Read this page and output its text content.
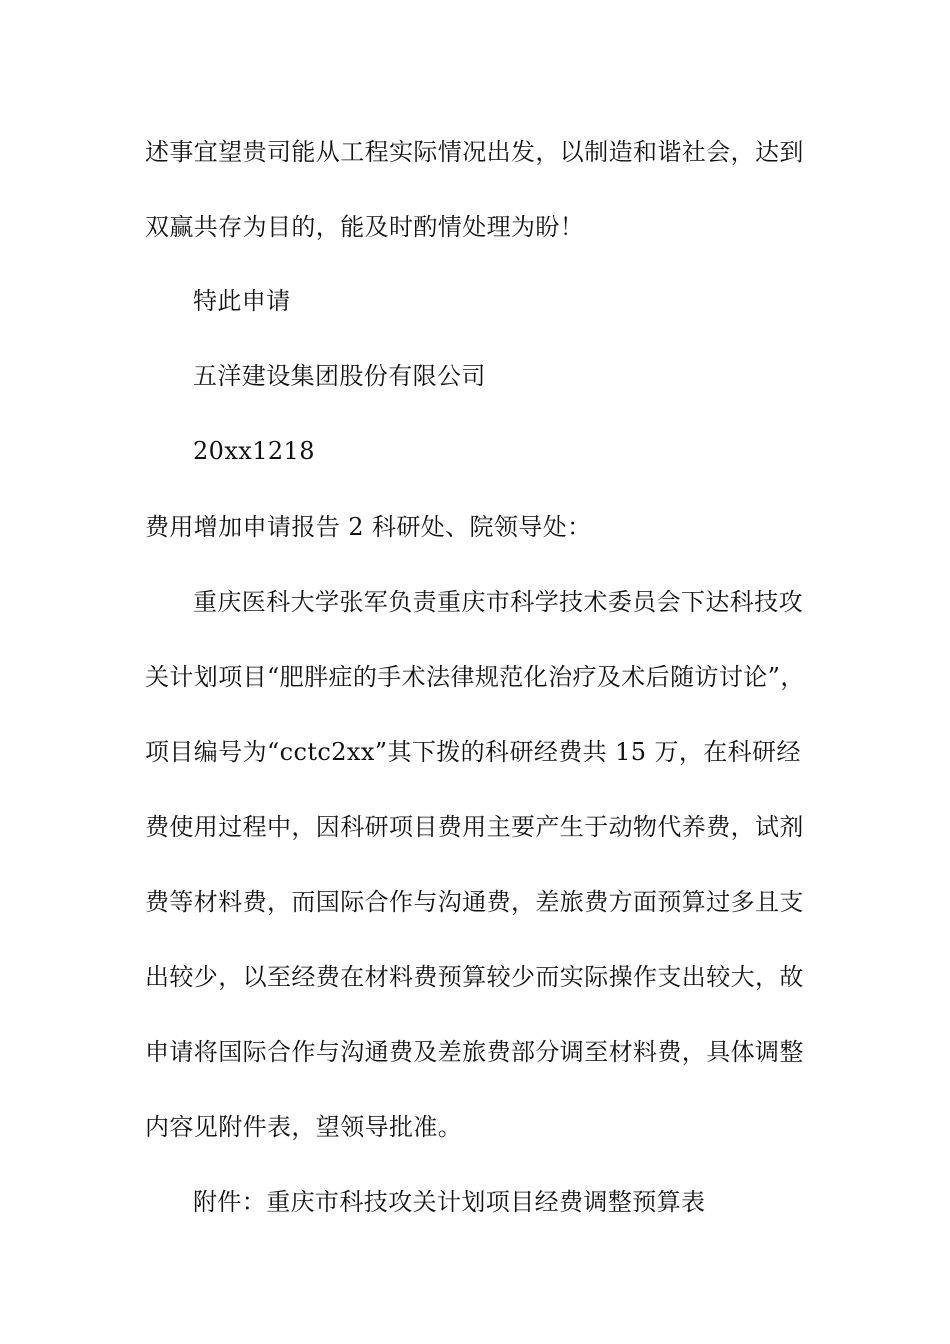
述事宜望贵司能从工程实际情况出发，以制造和谐社会，达到
双赢共存为目的，能及时酌情处理为盼！
特此申请
五洋建设集团股份有限公司
20xx1218
费用增加申请报告 2 科研处、院领导处：
重庆医科大学张军负责重庆市科学技术委员会下达科技攻
关计划项目“肥胖症的手术法律规范化治疗及术后随访讨论”，
项目编号为“cctc2xx”其下拨的科研经费共 15 万，在科研经
费使用过程中，因科研项目费用主要产生于动物代养费，试剂
费等材料费，而国际合作与沟通费，差旅费方面预算过多且支
出较少，以至经费在材料费预算较少而实际操作支出较大，故
申请将国际合作与沟通费及差旅费部分调至材料费，具体调整
内容见附件表，望领导批准。
附件：重庆市科技攻关计划项目经费调整预算表
